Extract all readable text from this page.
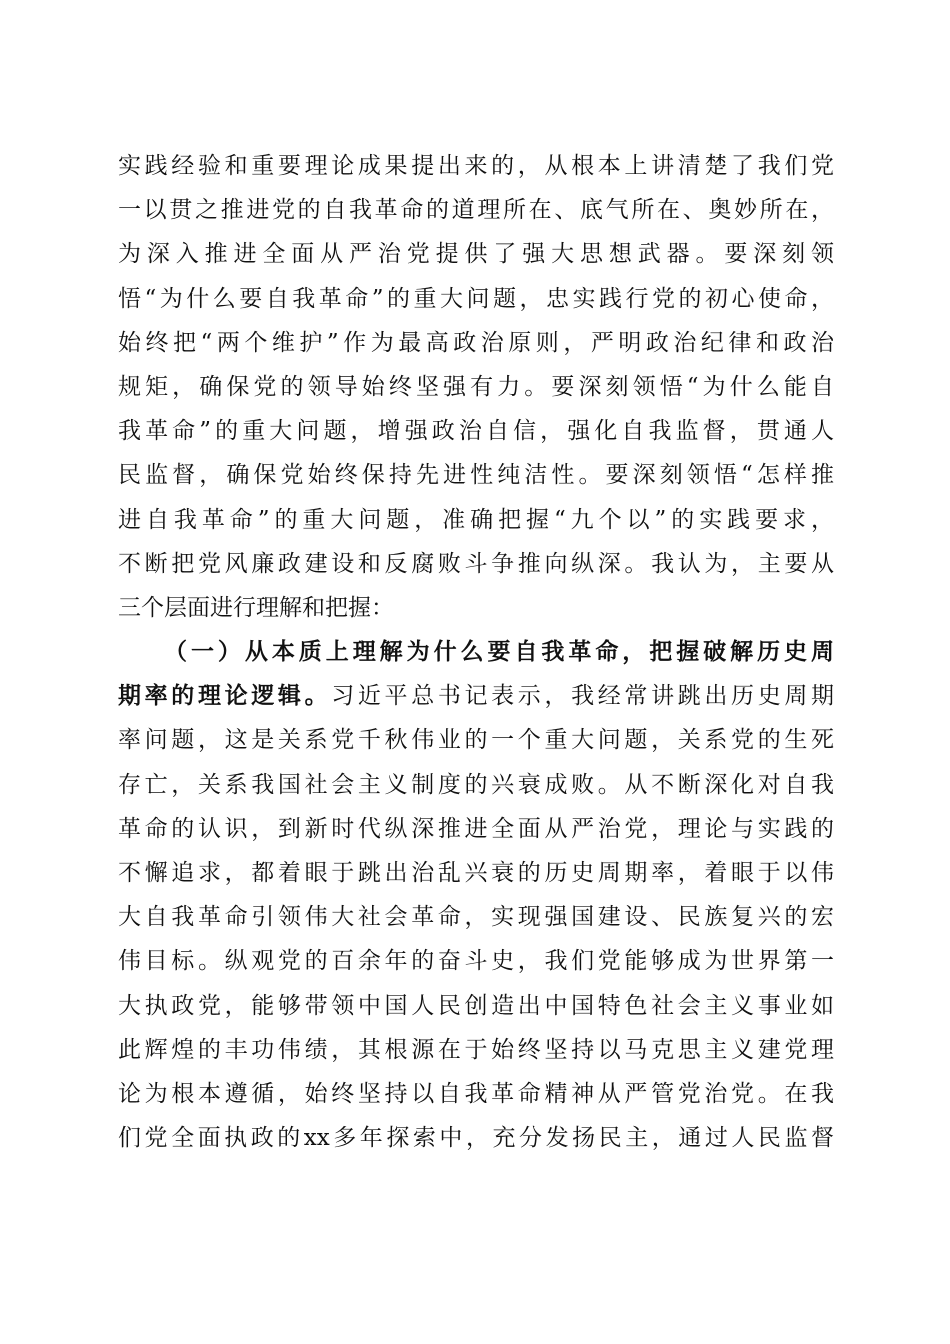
实践经验和重要理论成果提出来的，从根本上讲清楚了我们党
一以贯之推进党的自我革命的道理所在、底气所在、奥妙所在，
为深入推进全面从严治党提供了强大思想武器。要深刻领
悟“为什么要自我革命”的重大问题，忠实践行党的初心使命，
始终把“两个维护”作为最高政治原则，严明政治纪律和政治
规矩，确保党的领导始终坚强有力。要深刻领悟“为什么能自
我革命”的重大问题，增强政治自信，强化自我监督，贯通人
民监督，确保党始终保持先进性纯洁性。要深刻领悟“怎样推
进自我革命”的重大问题，准确把握“九个以”的实践要求，
不断把党风廉政建设和反腐败斗争推向纵深。我认为，主要从
三个层面进行理解和把握：
（一）从本质上理解为什么要自我革命，把握破解历史周
期率的理论逻辑。习近平总书记表示，我经常讲跳出历史周期
率问题，这是关系党千秋伟业的一个重大问题，关系党的生死
存亡，关系我国社会主义制度的兴衰成败。从不断深化对自我
革命的认识，到新时代纵深推进全面从严治党，理论与实践的
不懈追求，都着眼于跳出治乱兴衰的历史周期率，着眼于以伟
大自我革命引领伟大社会革命，实现强国建设、民族复兴的宏
伟目标。纵观党的百余年的奋斗史，我们党能够成为世界第一
大执政党，能够带领中国人民创造出中国特色社会主义事业如
此辉煌的丰功伟绩，其根源在于始终坚持以马克思主义建党理
论为根本遵循，始终坚持以自我革命精神从严管党治党。在我
们党全面执政的xx多年探索中，充分发扬民主，通过人民监督
